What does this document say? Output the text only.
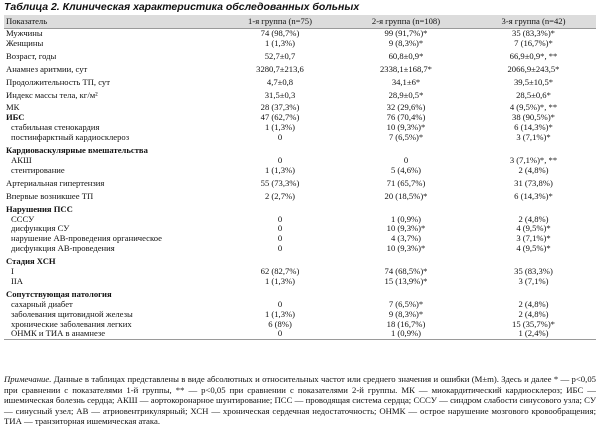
Таблица 2. Клиническая характеристика обследованных больных
Показатель	1-я группа (n=75)	2-я группа (n=108)	3-я группа (n=42)
Мужчины	74 (98,7%)	99 (91,7%)*	35 (83,3%)*
Женщины	1 (1,3%)	9 (8,3%)*	7 (16,7%)*
Возраст, годы	52,7±0,7	60,8±0,9*	66,9±0,9*, **
Анамнез аритмии, сут	3280,7±213,6	2338,1±168,7*	2066,9±243,5*
Продолжительность ТП, сут	4,7±0,8	34,1±6*	39,5±10,5*
Индекс массы тела, кг/м²	31,5±0,3	28,9±0,5*	28,5±0,6*
МК	28 (37,3%)	32 (29,6%)	4 (9,5%)*, **
ИБС	47 (62,7%)	76 (70,4%)	38 (90,5%)*
стабильная стенокардия	1 (1,3%)	10 (9,3%)*	6 (14,3%)*
постинфарктный кардиосклероз	0	7 (6,5%)*	3 (7,1%)*
Кардиоваскулярные вмешательства			
АКШ	0	0	3 (7,1%)*, **
стентирование	1 (1,3%)	5 (4,6%)	2 (4,8%)
Артериальная гипертензия	55 (73,3%)	71 (65,7%)	31 (73,8%)
Впервые возникшее ТП	2 (2,7%)	20 (18,5%)*	6 (14,3%)*
Нарушения ПСС			
СССУ	0	1 (0,9%)	2 (4,8%)
дисфункция СУ	0	10 (9,3%)*	4 (9,5%)*
нарушение АВ-проведения органическое	0	4 (3,7%)	3 (7,1%)*
дисфункция АВ-проведения	0	10 (9,3%)*	4 (9,5%)*
Стадия ХСН			
I	62 (82,7%)	74 (68,5%)*	35 (83,3%)
IIA	1 (1,3%)	15 (13,9%)*	3 (7,1%)
Сопутствующая патология			
сахарный диабет	0	7 (6,5%)*	2 (4,8%)
заболевания щитовидной железы	1 (1,3%)	9 (8,3%)*	2 (4,8%)
хронические заболевания легких	6 (8%)	18 (16,7%)	15 (35,7%)*
ОНМК и ТИА в анамнезе	0	1 (0,9%)	1 (2,4%)
Примечание. Данные в таблицах представлены в виде абсолютных и относительных частот или среднего значения и ошибки (M±m). Здесь и далее * — p<0,05 при сравнении с показателями 1-й группы, ** — p<0,05 при сравнении с показателями 2-й группы. МК — миокардитический кардиосклероз; ИБС — ишемическая болезнь сердца; АКШ — аортокоронарное шунтирование; ПСС — проводящая система сердца; СССУ — синдром слабости синусового узла; СУ — синусный узел; АВ — атриовентрикулярный; ХСН — хроническая сердечная недостаточность; ОНМК — острое нарушение мозгового кровообращения; ТИА — транзиторная ишемическая атака.
